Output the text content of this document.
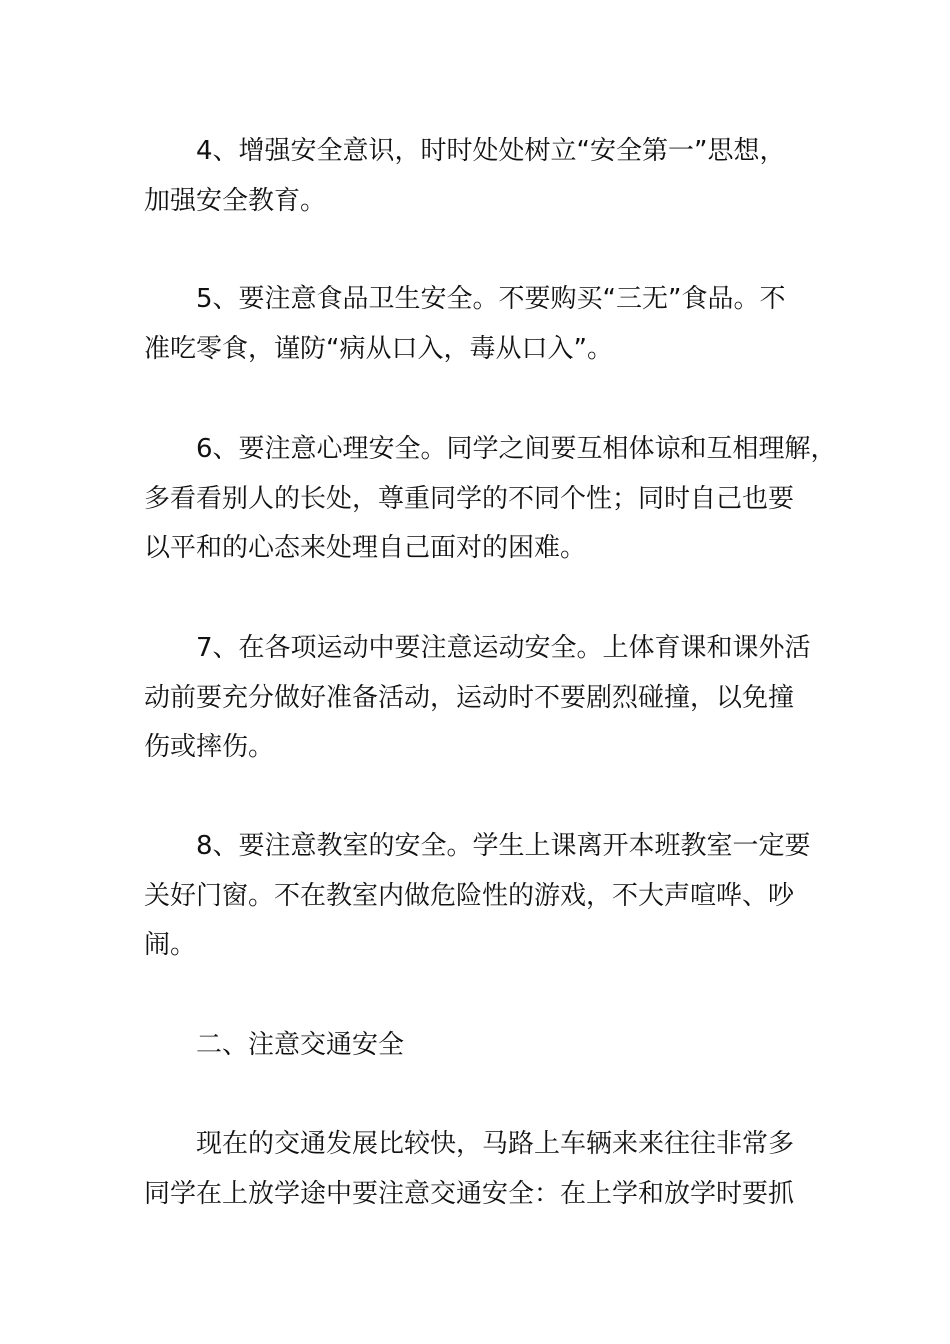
4、增强安全意识，时时处处树立“安全第一”思想，
加强安全教育。
5、要注意食品卫生安全。不要购买“三无”食品。不
准吃零食，谨防“病从口入，毒从口入”。
6、要注意心理安全。同学之间要互相体谅和互相理解，
多看看别人的长处，尊重同学的不同个性；同时自己也要
以平和的心态来处理自己面对的困难。
7、在各项运动中要注意运动安全。上体育课和课外活
动前要充分做好准备活动，运动时不要剧烈碰撞，以免撞
伤或摔伤。
8、要注意教室的安全。学生上课离开本班教室一定要
关好门窗。不在教室内做危险性的游戏，不大声喧哗、吵
闹。
二、注意交通安全
现在的交通发展比较快，马路上车辆来来往往非常多
同学在上放学途中要注意交通安全：在上学和放学时要抓
